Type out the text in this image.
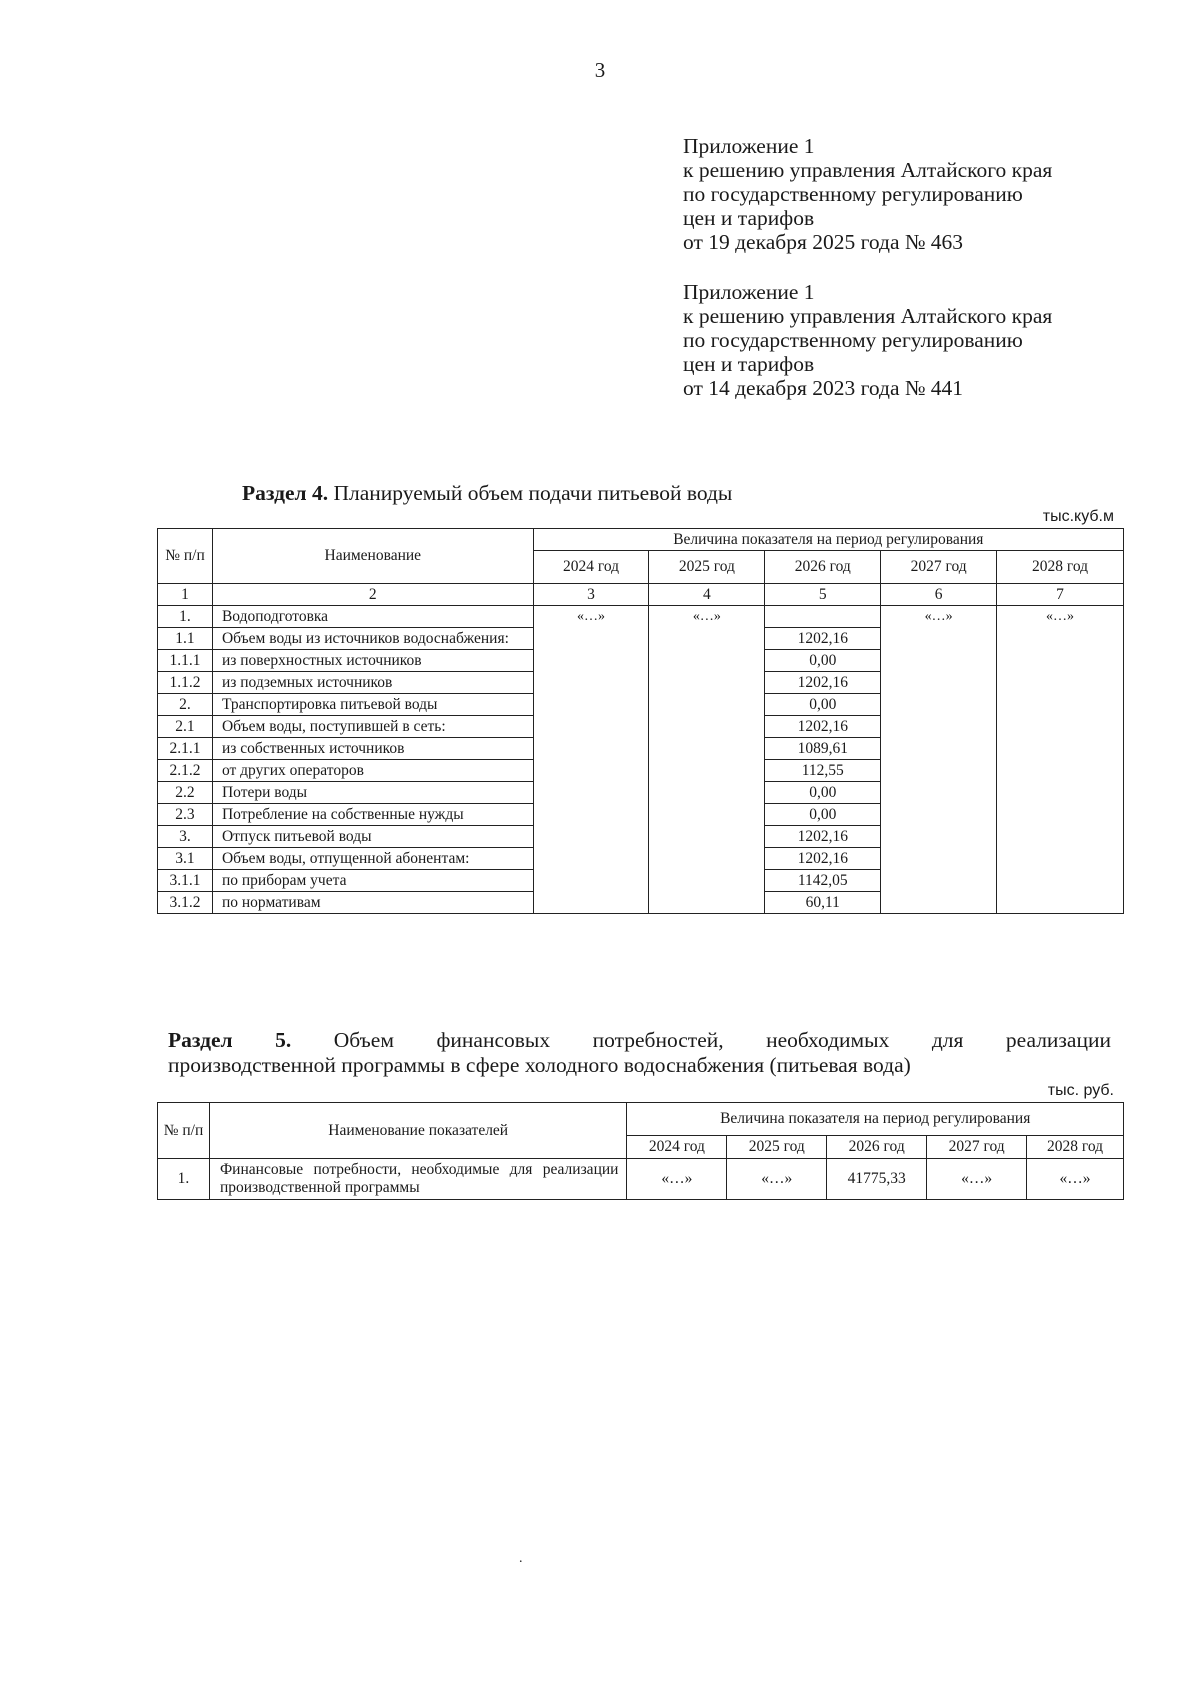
3
Приложение 1
к решению управления Алтайского края
по государственному регулированию
цен и тарифов
от 19 декабря 2025 года № 463
Приложение 1
к решению управления Алтайского края
по государственному регулированию
цен и тарифов
от 14 декабря 2023 года № 441
Раздел 4. Планируемый объем подачи питьевой воды
тыс.куб.м
№ п/п	Наименование	Величина показателя на период регулирования				
		2024 год	2025 год	2026 год	2027 год	2028 год
1	2	3	4	5	6	7
1.	Водоподготовка	«…»	«…»		«…»	«…»
1.1	Объем воды из источников водоснабжения:			1202,16		
1.1.1	из поверхностных источников			0,00		
1.1.2	из подземных источников			1202,16		
2.	Транспортировка питьевой воды			0,00		
2.1	Объем воды, поступившей в сеть:			1202,16		
2.1.1	из собственных источников			1089,61		
2.1.2	от других операторов			112,55		
2.2	Потери воды			0,00		
2.3	Потребление на собственные нужды			0,00		
3.	Отпуск питьевой воды			1202,16		
3.1	Объем воды, отпущенной абонентам:			1202,16		
3.1.1	по приборам учета			1142,05		
3.1.2	по нормативам			60,11		
Раздел 5. Объем финансовых потребностей, необходимых для реализации
производственной программы в сфере холодного водоснабжения (питьевая вода)
тыс. руб.
№ п/п	Наименование показателей	Величина показателя на период регулирования				
		2024 год	2025 год	2026 год	2027 год	2028 год
1.	Финансовые потребности, необходимые для реализации производственной программы	«…»	«…»	41775,33	«…»	«…»
.
